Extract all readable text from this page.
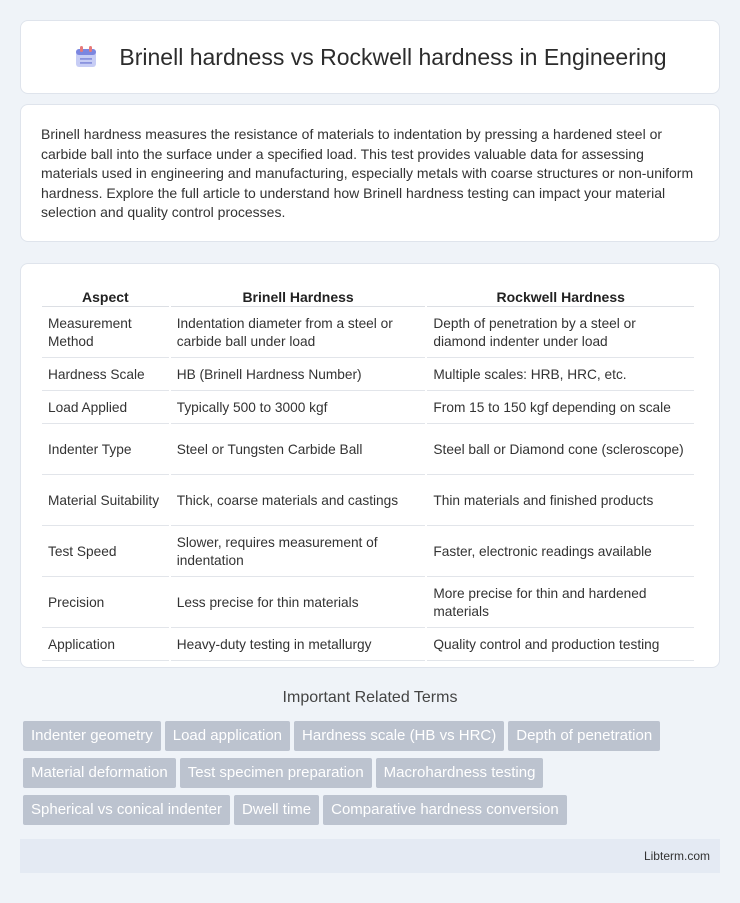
Brinell hardness vs Rockwell hardness in Engineering

Brinell hardness measures the resistance of materials to indentation by pressing a hardened steel or carbide ball into the surface under a specified load. This test provides valuable data for assessing materials used in engineering and manufacturing, especially metals with coarse structures or non-uniform hardness. Explore the full article to understand how Brinell hardness testing can impact your material selection and quality control processes.

Aspect	Brinell Hardness	Rockwell Hardness
Measurement Method	Indentation diameter from a steel or carbide ball under load	Depth of penetration by a steel or diamond indenter under load
Hardness Scale	HB (Brinell Hardness Number)	Multiple scales: HRB, HRC, etc.
Load Applied	Typically 500 to 3000 kgf	From 15 to 150 kgf depending on scale
Indenter Type	Steel or Tungsten Carbide Ball	Steel ball or Diamond cone (scleroscope)
Material Suitability	Thick, coarse materials and castings	Thin materials and finished products
Test Speed	Slower, requires measurement of indentation	Faster, electronic readings available
Precision	Less precise for thin materials	More precise for thin and hardened materials
Application	Heavy-duty testing in metallurgy	Quality control and production testing
Important Related Terms
Indenter geometry Load application Hardness scale (HB vs HRC) Depth of penetrationMaterial deformation Test specimen preparation Macrohardness testingSpherical vs conical indenter Dwell time Comparative hardness conversion
Libterm.com
